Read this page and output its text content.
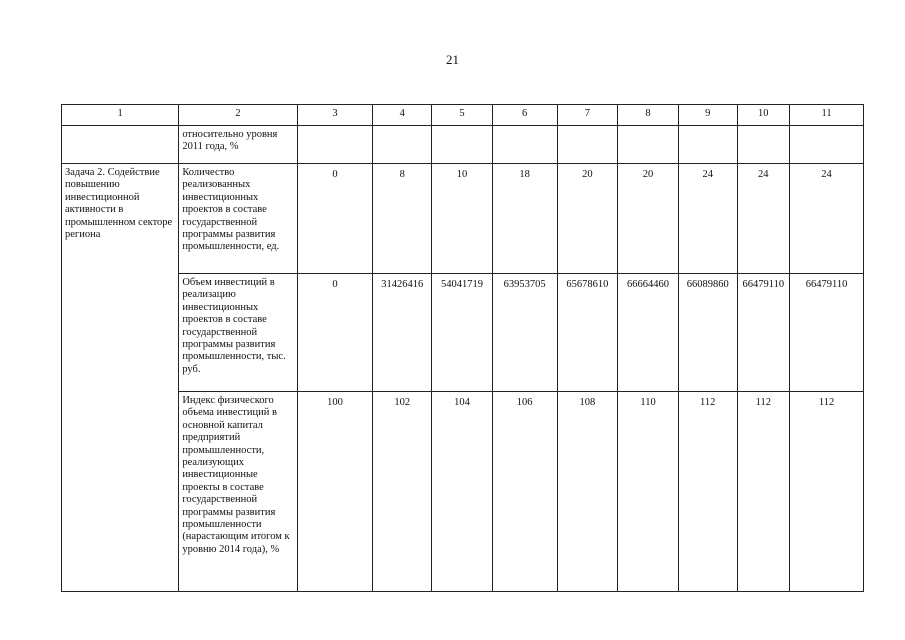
21
1	2	3	4	5	6	7	8	9	10	11
	относительно уровня 2011 года, %									
Задача 2. Содействие повышению инвестиционной активности в промышленном секторе региона	Количество реализованных инвестиционных проектов в составе государственной программы развития промышленности, ед.	0	8	10	18	20	20	24	24	24
	Объем инвестиций в реализацию инвестиционных проектов в составе государственной программы развития промышленности, тыс. руб.	0	31426416	54041719	63953705	65678610	66664460	66089860	66479110	66479110
	Индекс физического объема инвестиций в основной капитал предприятий промышленности, реализующих инвестиционные проекты в составе государственной программы развития промышленности (нарастающим итогом к уровню 2014 года), %	100	102	104	106	108	110	112	112	112
